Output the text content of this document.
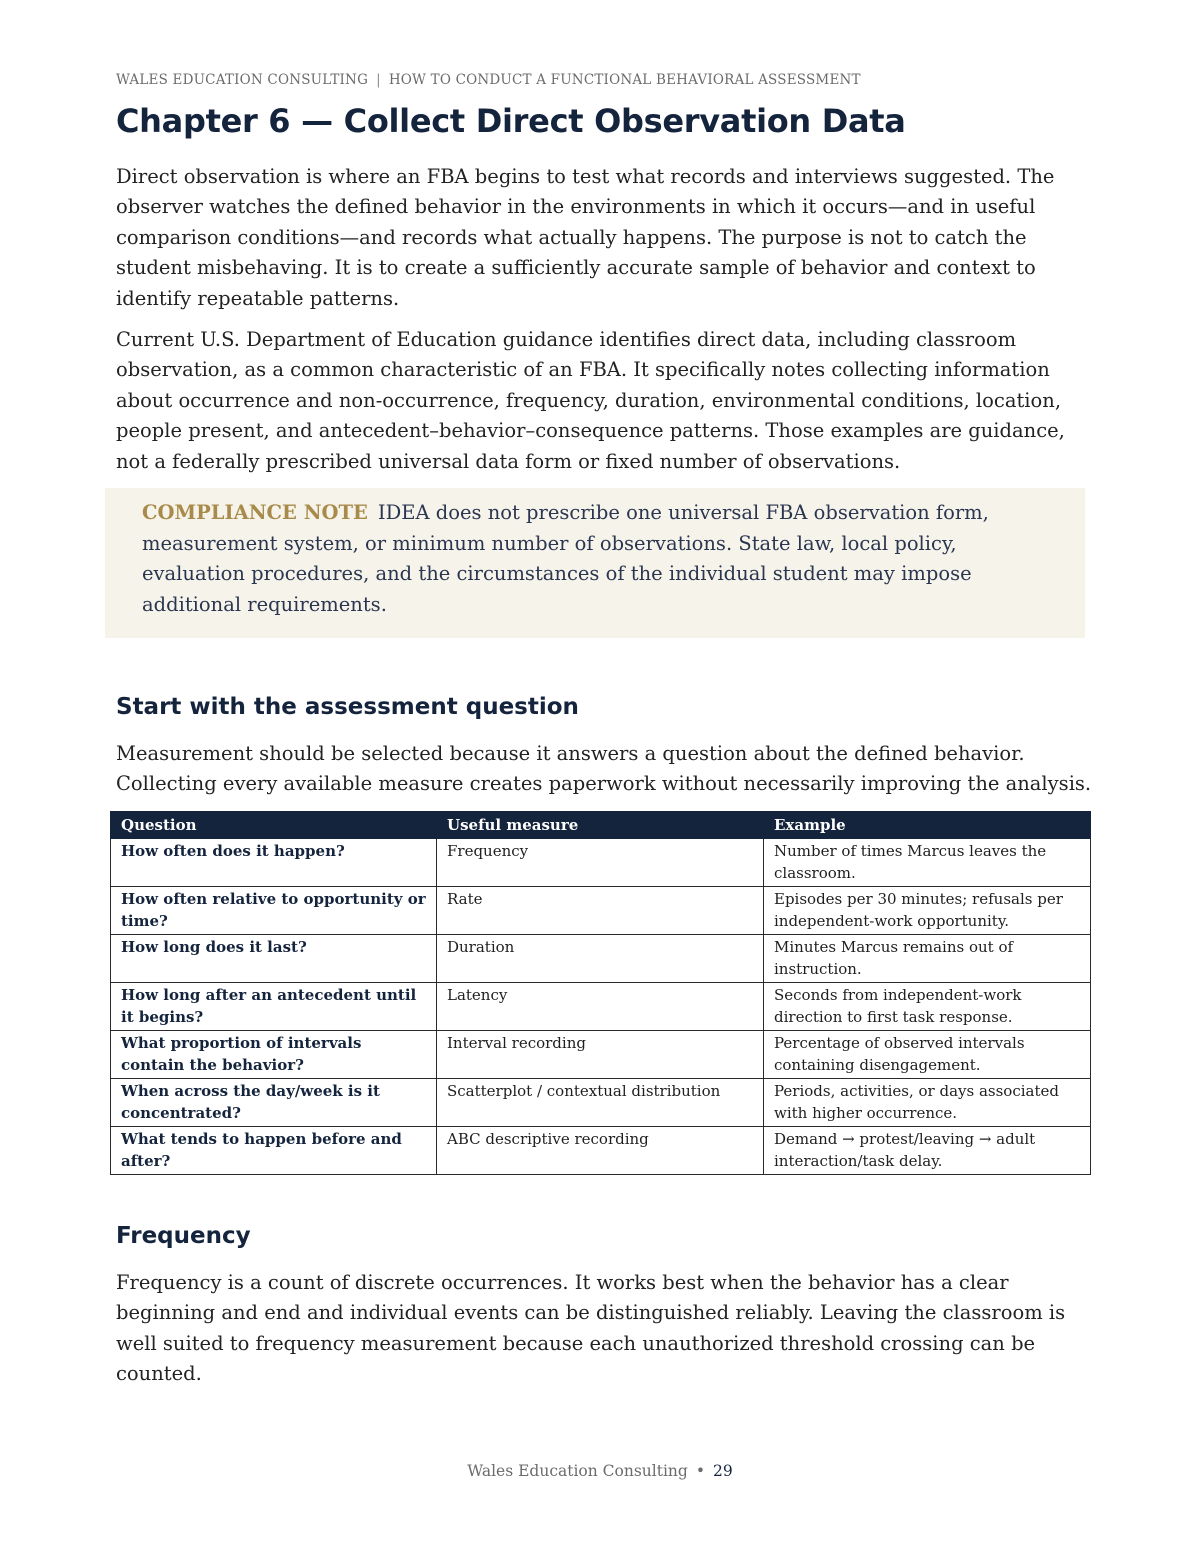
WALES EDUCATION CONSULTING | HOW TO CONDUCT A FUNCTIONAL BEHAVIORAL ASSESSMENT
Chapter 6 — Collect Direct Observation Data

Direct observation is where an FBA begins to test what records and interviews suggested. The observer watches the defined behavior in the environments in which it occurs—and in useful comparison conditions—and records what actually happens. The purpose is not to catch the student misbehaving. It is to create a sufficiently accurate sample of behavior and context to identify repeatable patterns.

Current U.S. Department of Education guidance identifies direct data, including classroom observation, as a common characteristic of an FBA. It specifically notes collecting information about occurrence and non-occurrence, frequency, duration, environmental conditions, location, people present, and antecedent–behavior–consequence patterns. Those examples are guidance, not a federally prescribed universal data form or fixed number of observations.

COMPLIANCE NOTE IDEA does not prescribe one universal FBA observation form, measurement system, or minimum number of observations. State law, local policy, evaluation procedures, and the circumstances of the individual student may impose additional requirements.
Start with the assessment question

Measurement should be selected because it answers a question about the defined behavior. Collecting every available measure creates paperwork without necessarily improving the analysis.

Question	Useful measure	Example
How often does it happen?	Frequency	Number of times Marcus leaves the classroom.
How often relative to opportunity or time?	Rate	Episodes per 30 minutes; refusals per independent-work opportunity.
How long does it last?	Duration	Minutes Marcus remains out of instruction.
How long after an antecedent until it begins?	Latency	Seconds from independent-work direction to first task response.
What proportion of intervals contain the behavior?	Interval recording	Percentage of observed intervals containing disengagement.
When across the day/week is it concentrated?	Scatterplot / contextual distribution	Periods, activities, or days associated with higher occurrence.
What tends to happen before and after?	ABC descriptive recording	Demand → protest/leaving → adult interaction/task delay.
Frequency

Frequency is a count of discrete occurrences. It works best when the behavior has a clear beginning and end and individual events can be distinguished reliably. Leaving the classroom is well suited to frequency measurement because each unauthorized threshold crossing can be counted.

Wales Education Consulting • 29
